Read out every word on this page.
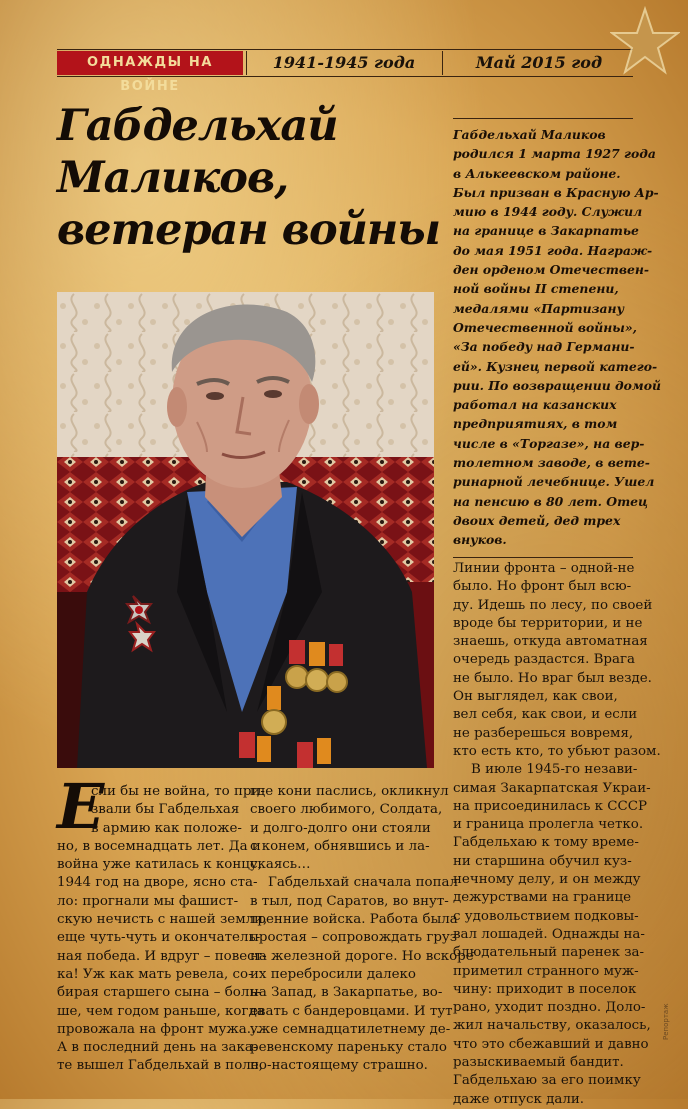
ОДНАЖДЫ НА ВОЙНЕ
1941-1945 года	Май 2015 год
Габдельхай
Маликов,
ветеран войны
Габдельхай Маликов
родился 1 марта 1927 года
в Алькеевском районе.
Был призван в Красную Ар-
мию в 1944 году. Служил
на границе в Закарпатье
до мая 1951 года. Награж-
ден орденом Отечествен-
ной войны II степени,
медалями «Партизану
Отечественной войны»,
«За победу над Германи-
ей». Кузнец первой катего-
рии. По возвращении домой
работал на казанских
предприятиях, в том
числе в «Торгазе», на вер-
толетном заводе, в вете-
ринарной лечебнице. Ушел
на пенсию в 80 лет. Отец
двоих детей, дед трех
внуков.
Е
сли бы не война, то при-
звали бы Габдельхая
в армию как положе-
но, в восемнадцать лет. Да и
война уже катилась к концу,
1944 год на дворе, ясно ста-
ло: прогнали мы фашист-
скую нечисть с нашей земли,
еще чуть-чуть и окончатель-
ная победа. И вдруг – повест-
ка! Уж как мать ревела, со-
бирая старшего сына – боль-
ше, чем годом раньше, когда
провожала на фронт мужа…
А в последний день на зака-
те вышел Габдельхай в поле,
где кони паслись, окликнул
своего любимого, Солдата,
и долго-долго они стояли
с конем, обнявшись и ла-
скаясь…
Габдельхай сначала попал
в тыл, под Саратов, во внут-
тренние войска. Работа была
простая – сопровождать груз
на железной дороге. Но вскоре
их перебросили далеко
на Запад, в Закарпатье, во-
евать с бандеровцами. И тут
уже семнадцатилетнему де-
ревенскому пареньку стало
по-настоящему страшно.
Линии фронта – одной-не
было. Но фронт был всю-
ду. Идешь по лесу, по своей
вроде бы территории, и не
знаешь, откуда автоматная
очередь раздастся. Врага
не было. Но враг был везде.
Он выглядел, как свои,
вел себя, как свои, и если
не разберешься вовремя,
кто есть кто, то убьют разом.
В июле 1945-го незави-
симая Закарпатская Украи-
на присоединилась к СССР
и граница пролегла четко.
Габдельхаю к тому време-
ни старшина обучил куз-
нечному делу, и он между
дежурствами на границе
с удовольствием подковы-
вал лошадей. Однажды на-
блюдательный паренек за-
приметил странного муж-
чину: приходит в поселок
рано, уходит поздно. Доло-
жил начальству, оказалось,
что это сбежавший и давно
разыскиваемый бандит.
Габдельхаю за его поимку
даже отпуск дали.
Репортаж
